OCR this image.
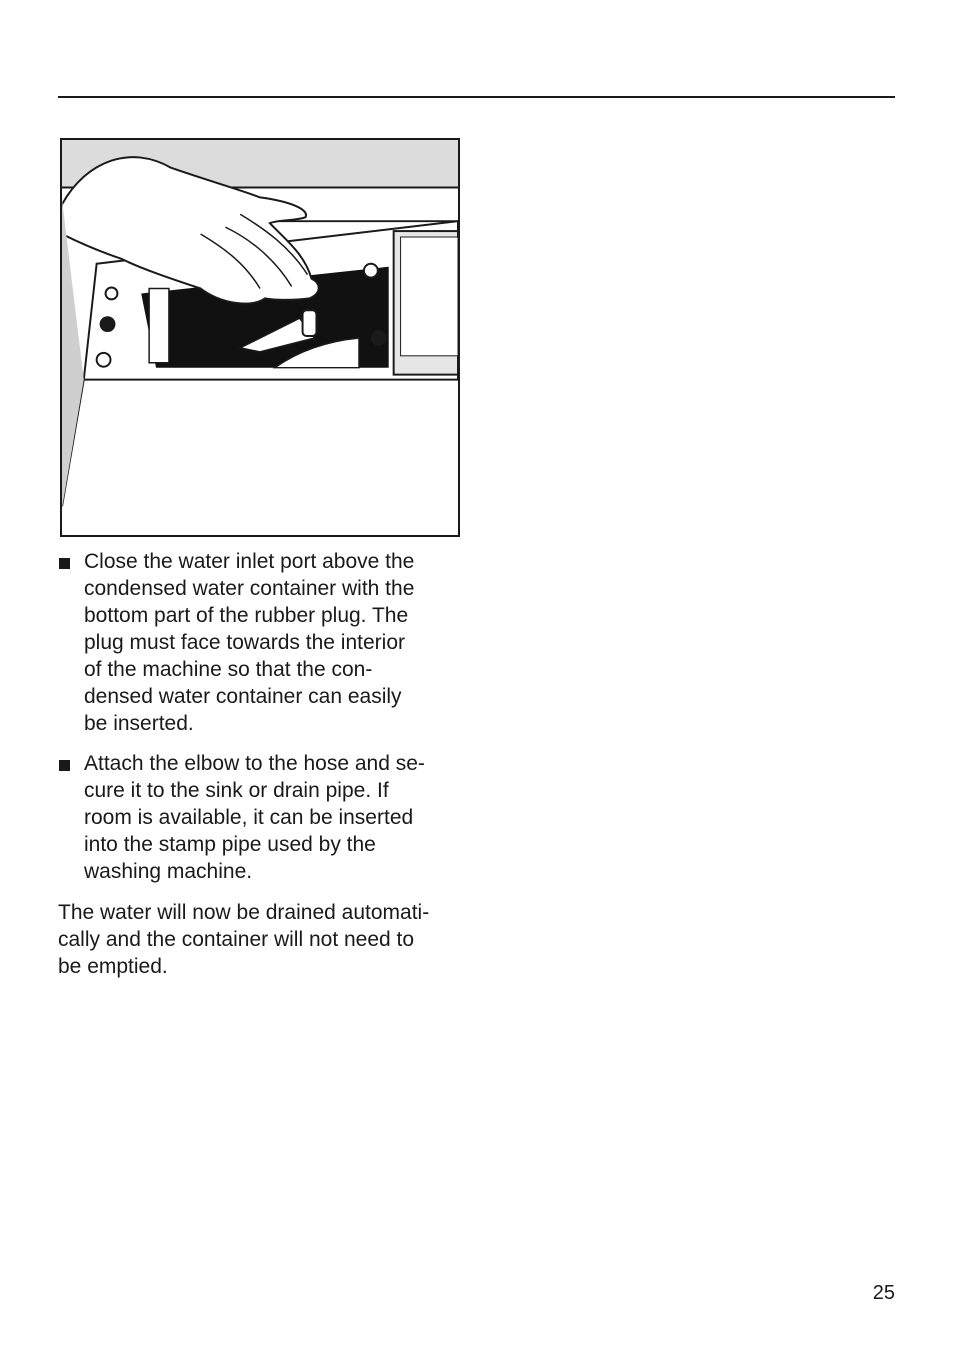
Close the water inlet port above the
condensed water container with the
bottom part of the rubber plug. The
plug must face towards the interior
of the machine so that the con-
densed water container can easily
be inserted.

Attach the elbow to the hose and se-
cure it to the sink or drain pipe. If
room is available, it can be inserted
into the stamp pipe used by the
washing machine.

The water will now be drained automati-
cally and the container will not need to
be emptied.

25
